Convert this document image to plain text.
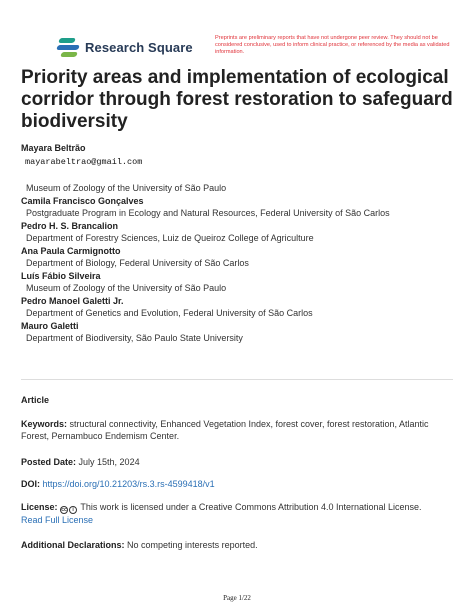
Research Square
Preprints are preliminary reports that have not undergone peer review. They should not be considered conclusive, used to inform clinical practice, or referenced by the media as validated information.
Priority areas and implementation of ecological corridor through forest restoration to safeguard biodiversity
Mayara Beltrão
mayarabeltrao@gmail.com
Museum of Zoology of the University of São Paulo
Camila Francisco Gonçalves
Postgraduate Program in Ecology and Natural Resources, Federal University of São Carlos
Pedro H. S. Brancalion
Department of Forestry Sciences, Luiz de Queiroz College of Agriculture
Ana Paula Carmignotto
Department of Biology, Federal University of São Carlos
Luís Fábio Silveira
Museum of Zoology of the University of São Paulo
Pedro Manoel Galetti Jr.
Department of Genetics and Evolution, Federal University of São Carlos
Mauro Galetti
Department of Biodiversity, São Paulo State University
Article
Keywords: structural connectivity, Enhanced Vegetation Index, forest cover, forest restoration, Atlantic Forest, Pernambuco Endemism Center.
Posted Date: July 15th, 2024
DOI: https://doi.org/10.21203/rs.3.rs-4599418/v1
License: cc i This work is licensed under a Creative Commons Attribution 4.0 International License.
Read Full License
Additional Declarations: No competing interests reported.
Page 1/22
